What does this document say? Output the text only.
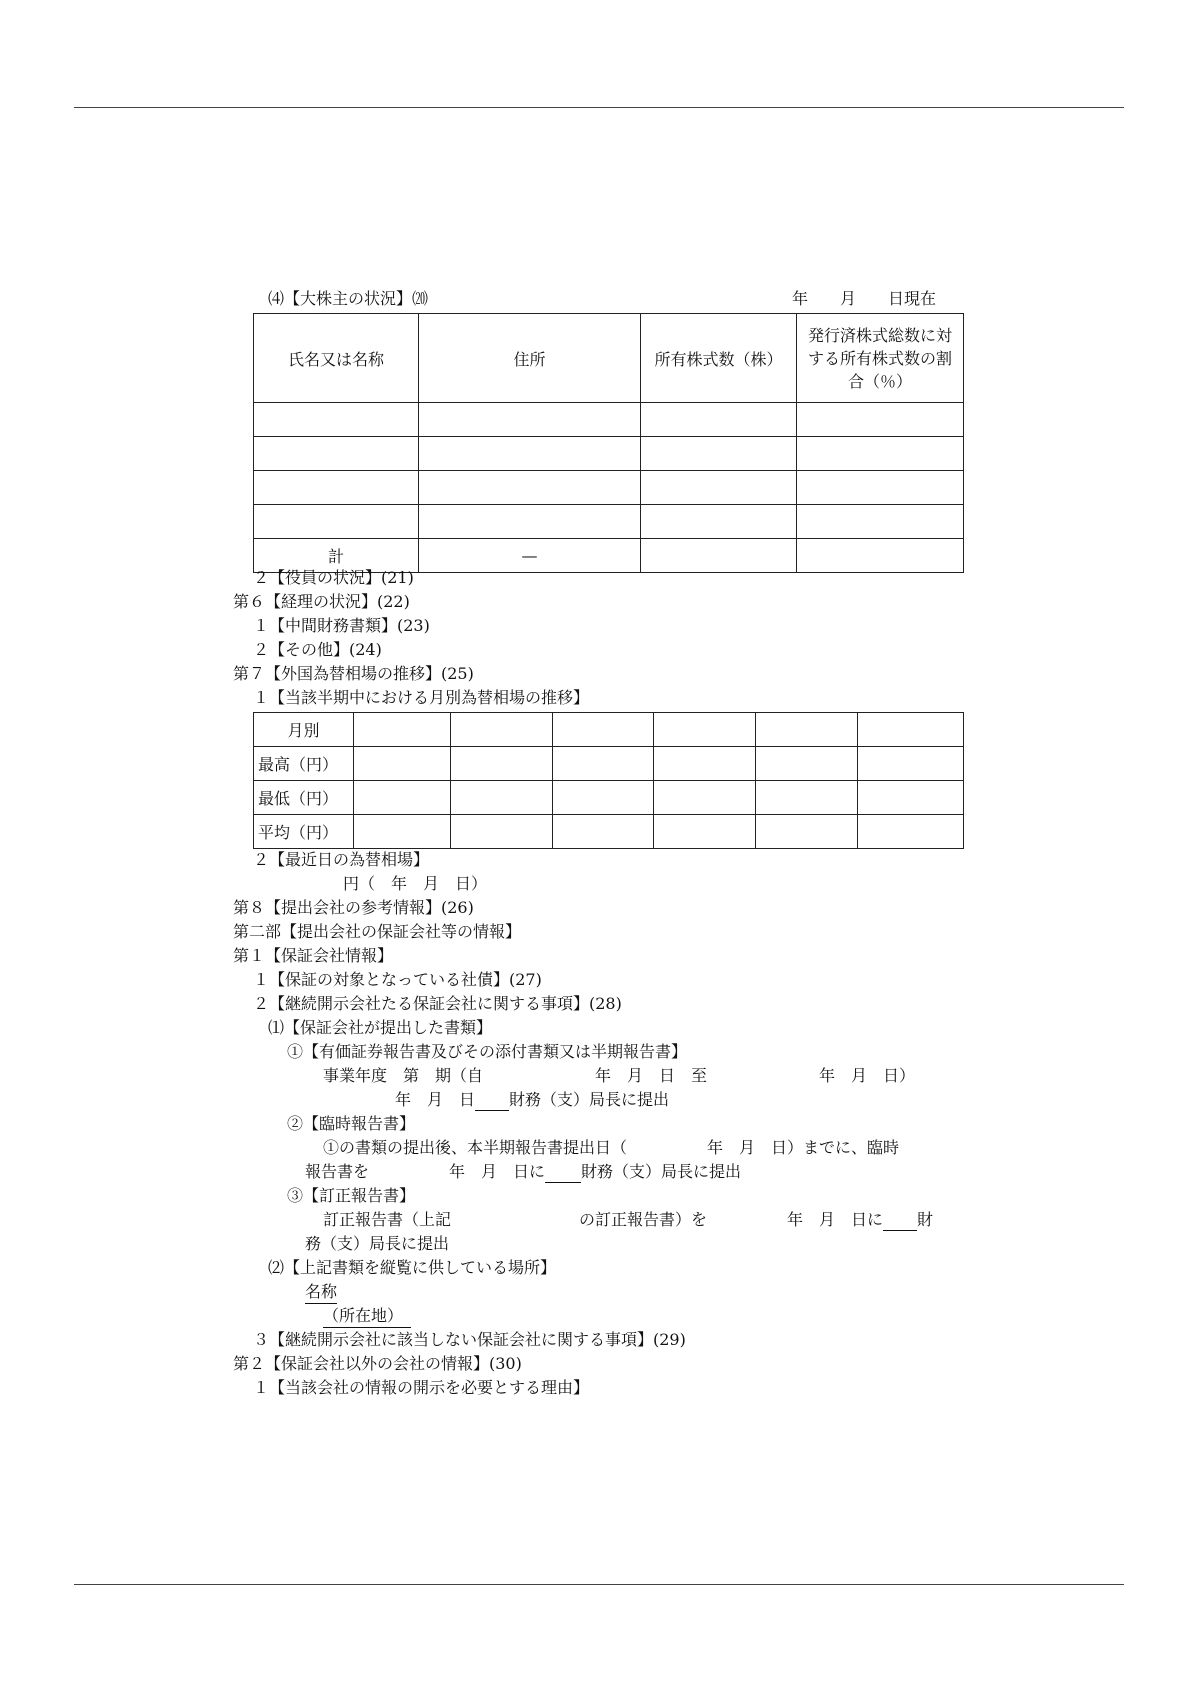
⑷【大株主の状況】⒇	年　　月　　日現在
氏名又は名称	住所	所有株式数（株）	発行済株式総数に対する所有株式数の割合（％）

計	—		
２【役員の状況】(21)
第６【経理の状況】(22)
１【中間財務書類】(23)
２【その他】(24)
第７【外国為替相場の推移】(25)
１【当該半期中における月別為替相場の推移】
月別						
最高（円）						
最低（円）						
平均（円）						
２【最近日の為替相場】
円（　年　月　日）
第８【提出会社の参考情報】(26)
第二部【提出会社の保証会社等の情報】
第１【保証会社情報】
１【保証の対象となっている社債】(27)
２【継続開示会社たる保証会社に関する事項】(28)
⑴【保証会社が提出した書類】
①【有価証券報告書及びその添付書類又は半期報告書】
事業年度　第　期（自　　　　　　　年　月　日　至　　　　　　　年　月　日）
年　月　日 財務（支）局長に提出
②【臨時報告書】
①の書類の提出後、本半期報告書提出日（　　　　　年　月　日）までに、臨時
報告書を　　　　　年　月　日に 財務（支）局長に提出
③【訂正報告書】
訂正報告書（上記　　　　　　　　の訂正報告書）を　　　　　年　月　日に 財
務（支）局長に提出
⑵【上記書類を縦覧に供している場所】
名称
（所在地）
３【継続開示会社に該当しない保証会社に関する事項】(29)
第２【保証会社以外の会社の情報】(30)
１【当該会社の情報の開示を必要とする理由】
